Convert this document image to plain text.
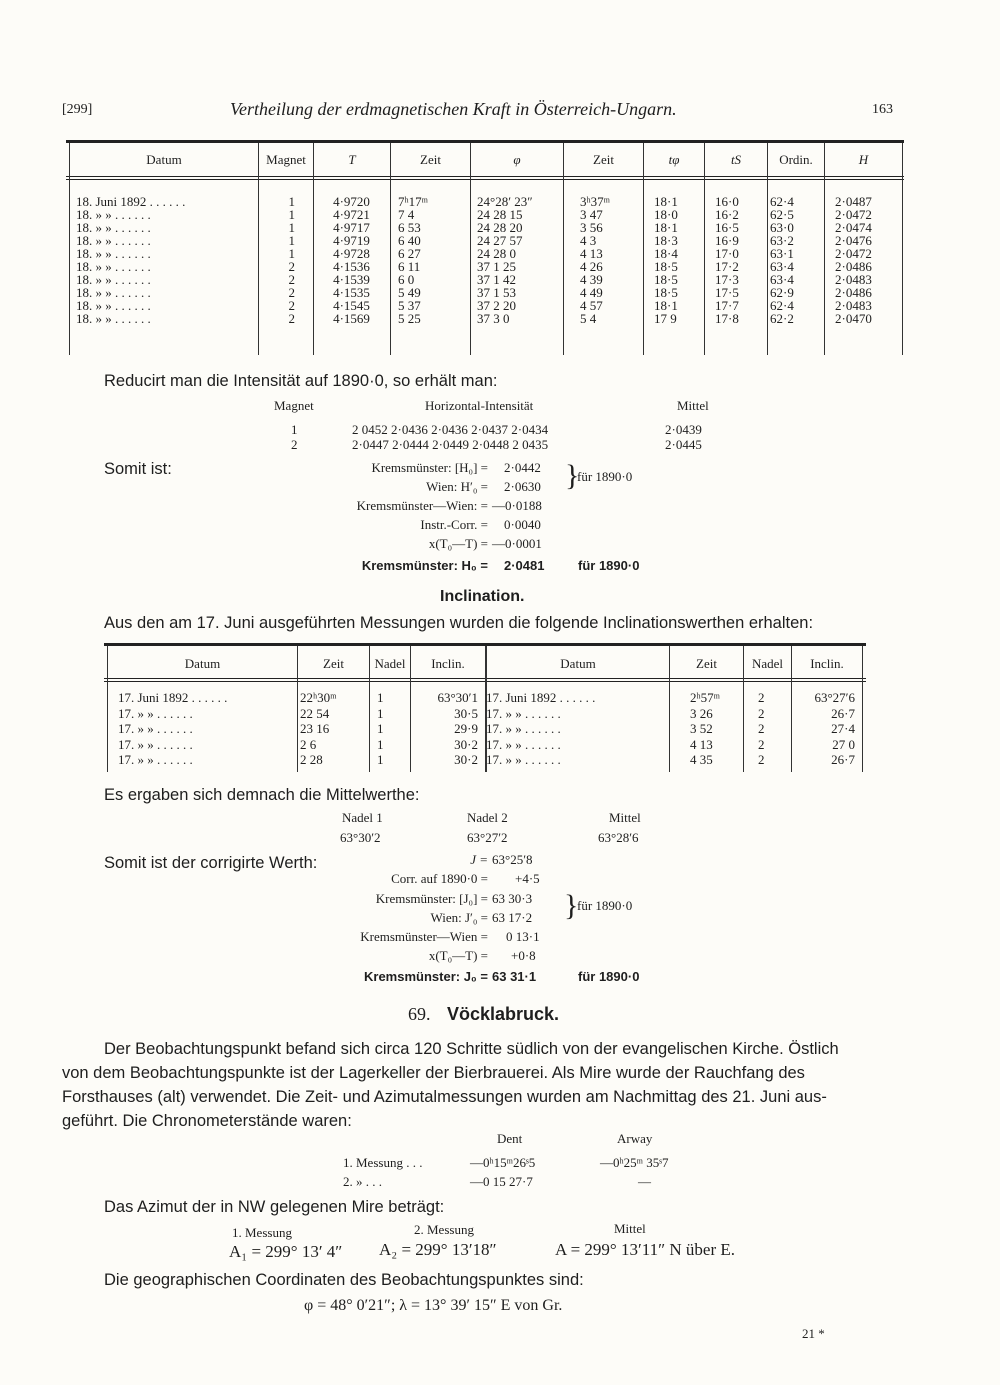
[299]	Vertheilung der erdmagnetischen Kraft in Österreich-Ungarn.	163
Datum	Magnet	T	Zeit	φ	Zeit	tφ	tS	Ordin.	H
18. Juni 1892 . . . . . .	1	4·9720	7ʰ17ᵐ	24°28′ 23″	3ʰ37ᵐ	18·1	16·0	62·4	2·0487
18. » » . . . . . .	1	4·9721	7 4	24 28 15	3 47	18·0	16·2	62·5	2·0472
18. » » . . . . . .	1	4·9717	6 53	24 28 20	3 56	18·1	16·5	63·0	2·0474
18. » » . . . . . .	1	4·9719	6 40	24 27 57	4 3	18·3	16·9	63·2	2·0476
18. » » . . . . . .	1	4·9728	6 27	24 28 0	4 13	18·4	17·0	63·1	2·0472
18. » » . . . . . .	2	4·1536	6 11	37 1 25	4 26	18·5	17·2	63·4	2·0486
18. » » . . . . . .	2	4·1539	6 0	37 1 42	4 39	18·5	17·3	63·4	2·0483
18. » » . . . . . .	2	4·1535	5 49	37 1 53	4 49	18·5	17·5	62·9	2·0486
18. » » . . . . . .	2	4·1545	5 37	37 2 20	4 57	18·1	17·7	62·4	2·0483
18. » » . . . . . .	2	4·1569	5 25	37 3 0	5 4	17 9	17·8	62·2	2·0470
Reducirt man die Intensität auf 1890·0, so erhält man:
Magnet	Horizontal-Intensität	Mittel
1	2 0452 2·0436 2·0436 2·0437 2·0434	2·0439
2	2·0447 2·0444 2·0449 2·0448 2 0435	2·0445
Somit ist:	Kremsmünster: [H₀] = 2·0442
Wien: H′₀ = 2·0630 }
für 1890·0
Kremsmünster—Wien: = —0·0188
Instr.-Corr. = 0·0040
x(T₀—T) = —0·0001
Kremsmünster: H₀ = 2·0481	für 1890·0
Inclination.
Aus den am 17. Juni ausgeführten Messungen wurden die folgende Inclinationswerthen erhalten:
Datum	Zeit	Nadel	Inclin.	Datum	Zeit	Nadel	Inclin.
17. Juni 1892 . . . . . .	22ʰ30ᵐ	1	63°30′1	17. Juni 1892 . . . . . .	2ʰ57ᵐ	2	63°27′6
17. » » . . . . . .	22 54	1	30·5	17. » » . . . . . .	3 26	2	26·7
17. » » . . . . . .	23 16	1	29·9	17. » » . . . . . .	3 52	2	27·4
17. » » . . . . . .	2 6	1	30·2	17. » » . . . . . .	4 13	2	27 0
17. » » . . . . . .	2 28	1	30·2	17. » » . . . . . .	4 35	2	26·7
Es ergaben sich demnach die Mittelwerthe:
Nadel 1	Nadel 2	Mittel
63°30′2	63°27′2	63°28′6
Somit ist der corrigirte Werth:	J = 63°25′8
Corr. auf 1890·0 = +4·5
Kremsmünster: [J₀] = 63 30·3 }
für 1890·0
Wien: J′₀ = 63 17·2
Kremsmünster—Wien = 0 13·1
x(T₀—T) = +0·8
Kremsmünster: J₀ = 63 31·1	für 1890·0
69. Vöcklabruck.
Der Beobachtungspunkt befand sich circa 120 Schritte südlich von der evangelischen Kirche. Östlich
von dem Beobachtungspunkte ist der Lagerkeller der Bierbrauerei. Als Mire wurde der Rauchfang des
Forsthauses (alt) verwendet. Die Zeit- und Azimutalmessungen wurden am Nachmittag des 21. Juni aus-
geführt. Die Chronometerstände waren:
Dent	Arway
1. Messung . . .	—0ʰ15ᵐ26ˢ5	—0ʰ25ᵐ 35ˢ7
2. » . . .	—0 15 27·7	—
Das Azimut der in NW gelegenen Mire beträgt:
1. Messung	2. Messung	Mittel
A₁ = 299° 13′ 4″ A₂ = 299° 13′18″	A = 299° 13′11″ N über E.
Die geographischen Coordinaten des Beobachtungspunktes sind:
φ = 48° 0′21″; λ = 13° 39′ 15″ E von Gr.
21 *
